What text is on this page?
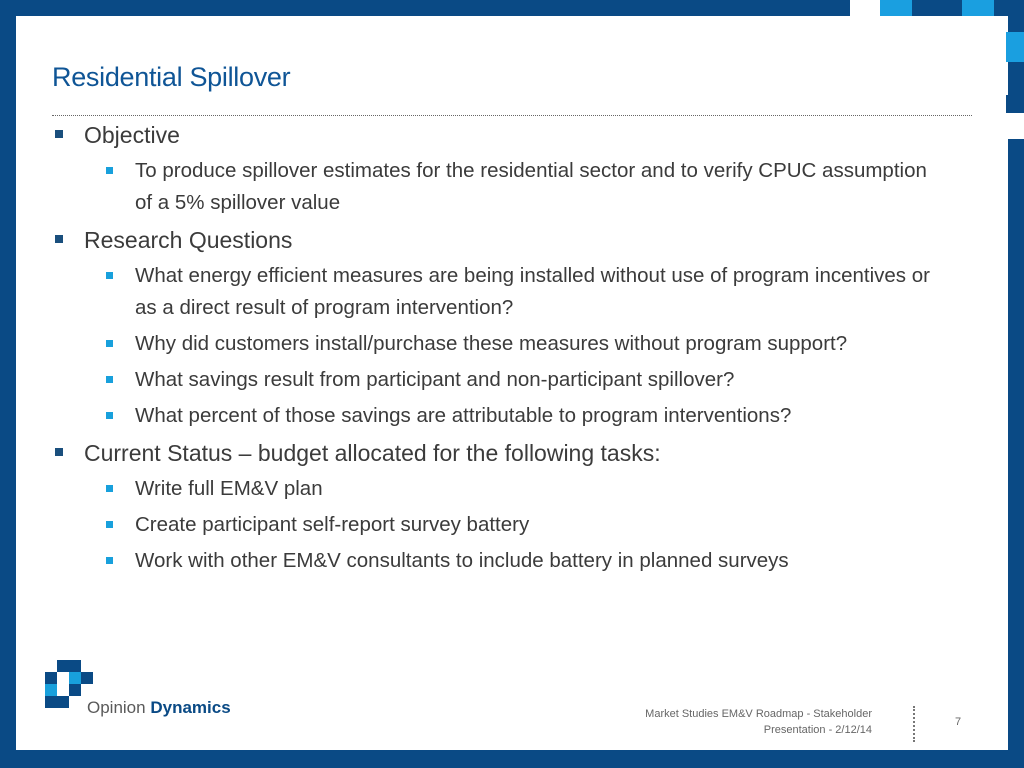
Residential Spillover
Objective
To produce spillover estimates for the residential sector and to verify CPUC assumption of a 5% spillover value
Research Questions
What energy efficient measures are being installed without use of program incentives or as a direct result of program intervention?
Why did customers install/purchase these measures without program support?
What savings result from participant and non-participant spillover?
What percent of those savings are attributable to program interventions?
Current Status – budget allocated for the following tasks:
Write full EM&V plan
Create participant self-report survey battery
Work with other EM&V consultants to include battery in planned surveys
Opinion Dynamics	Market Studies EM&V Roadmap - Stakeholder
Presentation - 2/12/14
7
